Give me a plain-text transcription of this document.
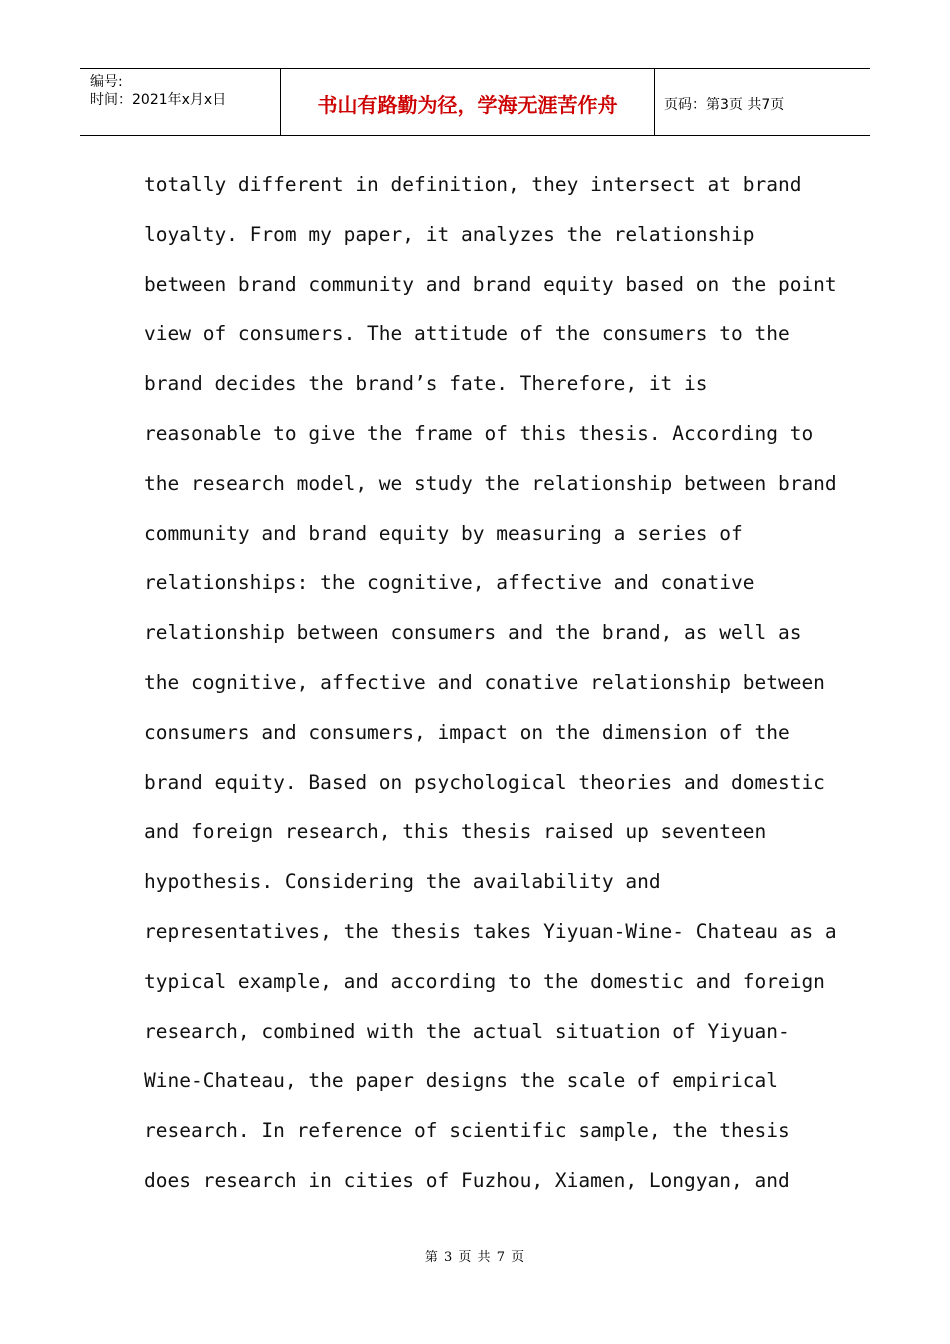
编号:
时间：2021年x月x日	书山有路勤为径，学海无涯苦作舟	页码：第3页 共7页
totally different in definition, they intersect at brand
loyalty. From my paper, it analyzes the relationship
between brand community and brand equity based on the point
view of consumers. The attitude of the consumers to the
brand decides the brand’s fate. Therefore, it is
reasonable to give the frame of this thesis. According to
the research model, we study the relationship between brand
community and brand equity by measuring a series of
relationships: the cognitive, affective and conative
relationship between consumers and the brand, as well as
the cognitive, affective and conative relationship between
consumers and consumers, impact on the dimension of the
brand equity. Based on psychological theories and domestic
and foreign research, this thesis raised up seventeen
hypothesis. Considering the availability and
representatives, the thesis takes Yiyuan-Wine- Chateau as a
typical example, and according to the domestic and foreign
research, combined with the actual situation of Yiyuan-
Wine-Chateau, the paper designs the scale of empirical
research. In reference of scientific sample, the thesis
does research in cities of Fuzhou, Xiamen, Longyan, and
第 3 页 共 7 页
